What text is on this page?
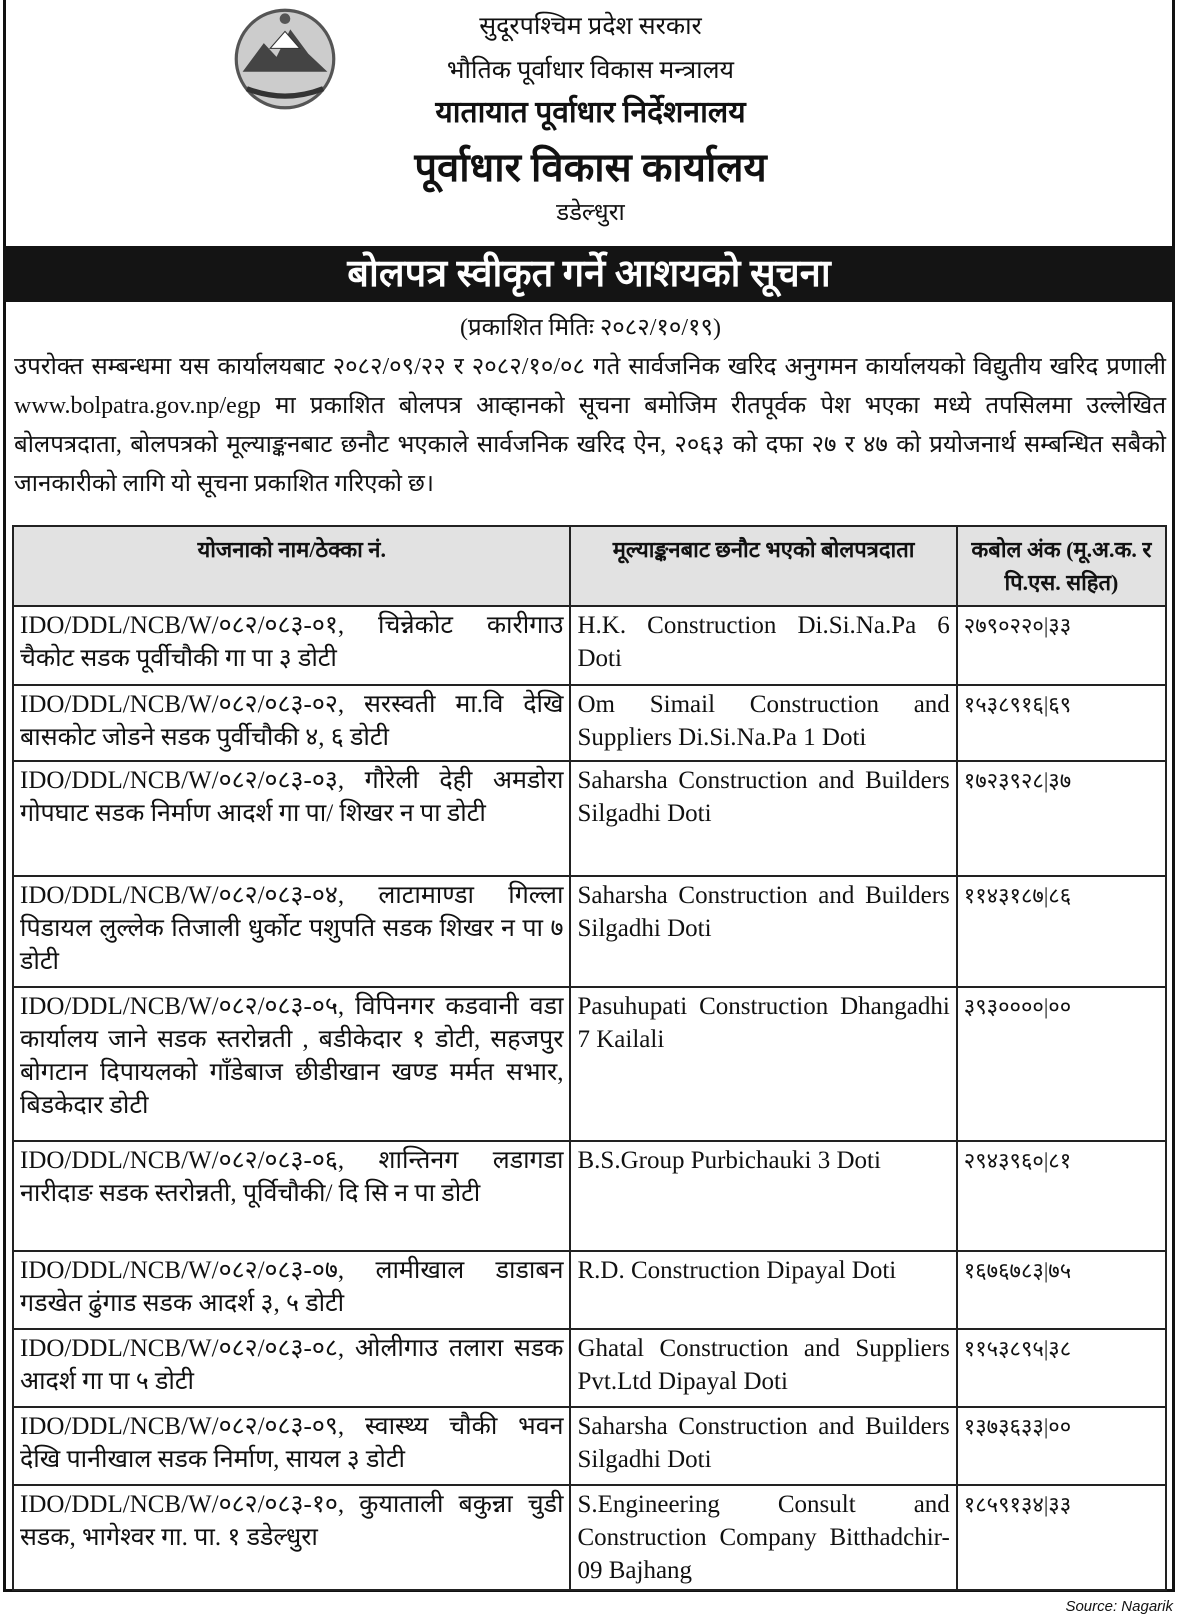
सुदूरपश्चिम प्रदेश सरकार
भौतिक पूर्वाधार विकास मन्त्रालय
यातायात पूर्वाधार निर्देशनालय
पूर्वाधार विकास कार्यालय
डडेल्धुरा
बोलपत्र स्वीकृत गर्ने आशयको सूचना
(प्रकाशित मितिः २०८२/१०/१९)
उपरोक्त सम्बन्धमा यस कार्यालयबाट २०८२/०९/२२ र २०८२/१०/०८ गते सार्वजनिक खरिद अनुगमन कार्यालयको विद्युतीय खरिद प्रणाली www.bolpatra.gov.np/egp मा प्रकाशित बोलपत्र आव्हानको सूचना बमोजिम रीतपूर्वक पेश भएका मध्ये तपसिलमा उल्लेखित बोलपत्रदाता, बोलपत्रको मूल्याङ्कनबाट छनौट भएकाले सार्वजनिक खरिद ऐन, २०६३ को दफा २७ र ४७ को प्रयोजनार्थ सम्बन्धित सबैको जानकारीको लागि यो सूचना प्रकाशित गरिएको छ।
योजनाको नाम/ठेक्का नं.	मूल्याङ्कनबाट छनौट भएको बोलपत्रदाता	कबोल अंक (मू.अ.क. र पि.एस. सहित)
IDO/DDL/NCB/W/०८२/०८३-०१, चिन्नेकोट कारीगाउ चैकोट सडक पूर्वीचौकी गा पा ३ डोटी	H.K. Construction Di.Si.Na.Pa 6 Doti	२७९०२२०|३३
IDO/DDL/NCB/W/०८२/०८३-०२, सरस्वती मा.वि देखि बासकोट जोडने सडक पुर्वीचौकी ४, ६ डोटी	Om Simail Construction and Suppliers Di.Si.Na.Pa 1 Doti	१५३८९१६|६९
IDO/DDL/NCB/W/०८२/०८३-०३, गौरेली देही अमडोरा गोपघाट सडक निर्माण आदर्श गा पा/ शिखर न पा डोटी	Saharsha Construction and Builders Silgadhi Doti	१७२३९२८|३७
IDO/DDL/NCB/W/०८२/०८३-०४, लाटामाण्डा गिल्ला पिडायल लुल्लेक तिजाली धुर्कोट पशुपति सडक शिखर न पा ७ डोटी	Saharsha Construction and Builders Silgadhi Doti	११४३१८७|८६
IDO/DDL/NCB/W/०८२/०८३-०५, विपिनगर कडवानी वडा कार्यालय जाने सडक स्तरोन्नती , बडीकेदार १ डोटी, सहजपुर बोगटान दिपायलको गाँडेबाज छीडीखान खण्ड मर्मत सभार, बिडकेदार डोटी	Pasuhupati Construction Dhangadhi 7 Kailali	३९३००००|००
IDO/DDL/NCB/W/०८२/०८३-०६, शान्तिनग लडागडा नारीदाङ सडक स्तरोन्नती, पूर्विचौकी/ दि सि न पा डोटी	B.S.Group Purbichauki 3 Doti	२९४३९६०|८१
IDO/DDL/NCB/W/०८२/०८३-०७, लामीखाल डाडाबन गडखेत ढुंगाड सडक आदर्श ३, ५ डोटी	R.D. Construction Dipayal Doti	१६७६७८३|७५
IDO/DDL/NCB/W/०८२/०८३-०८, ओलीगाउ तलारा सडक आदर्श गा पा ५ डोटी	Ghatal Construction and Suppliers Pvt.Ltd Dipayal Doti	११५३८९५|३८
IDO/DDL/NCB/W/०८२/०८३-०९, स्वास्थ्य चौकी भवन देखि पानीखाल सडक निर्माण, सायल ३ डोटी	Saharsha Construction and Builders Silgadhi Doti	१३७३६३३|००
IDO/DDL/NCB/W/०८२/०८३-१०, कुयाताली बकुन्ना चुडी सडक, भागेश्वर गा. पा. १ डडेल्धुरा	S.Engineering Consult and Construction Company Bitthadchir-09 Bajhang	१८५९१३४|३३
Source: Nagarik
